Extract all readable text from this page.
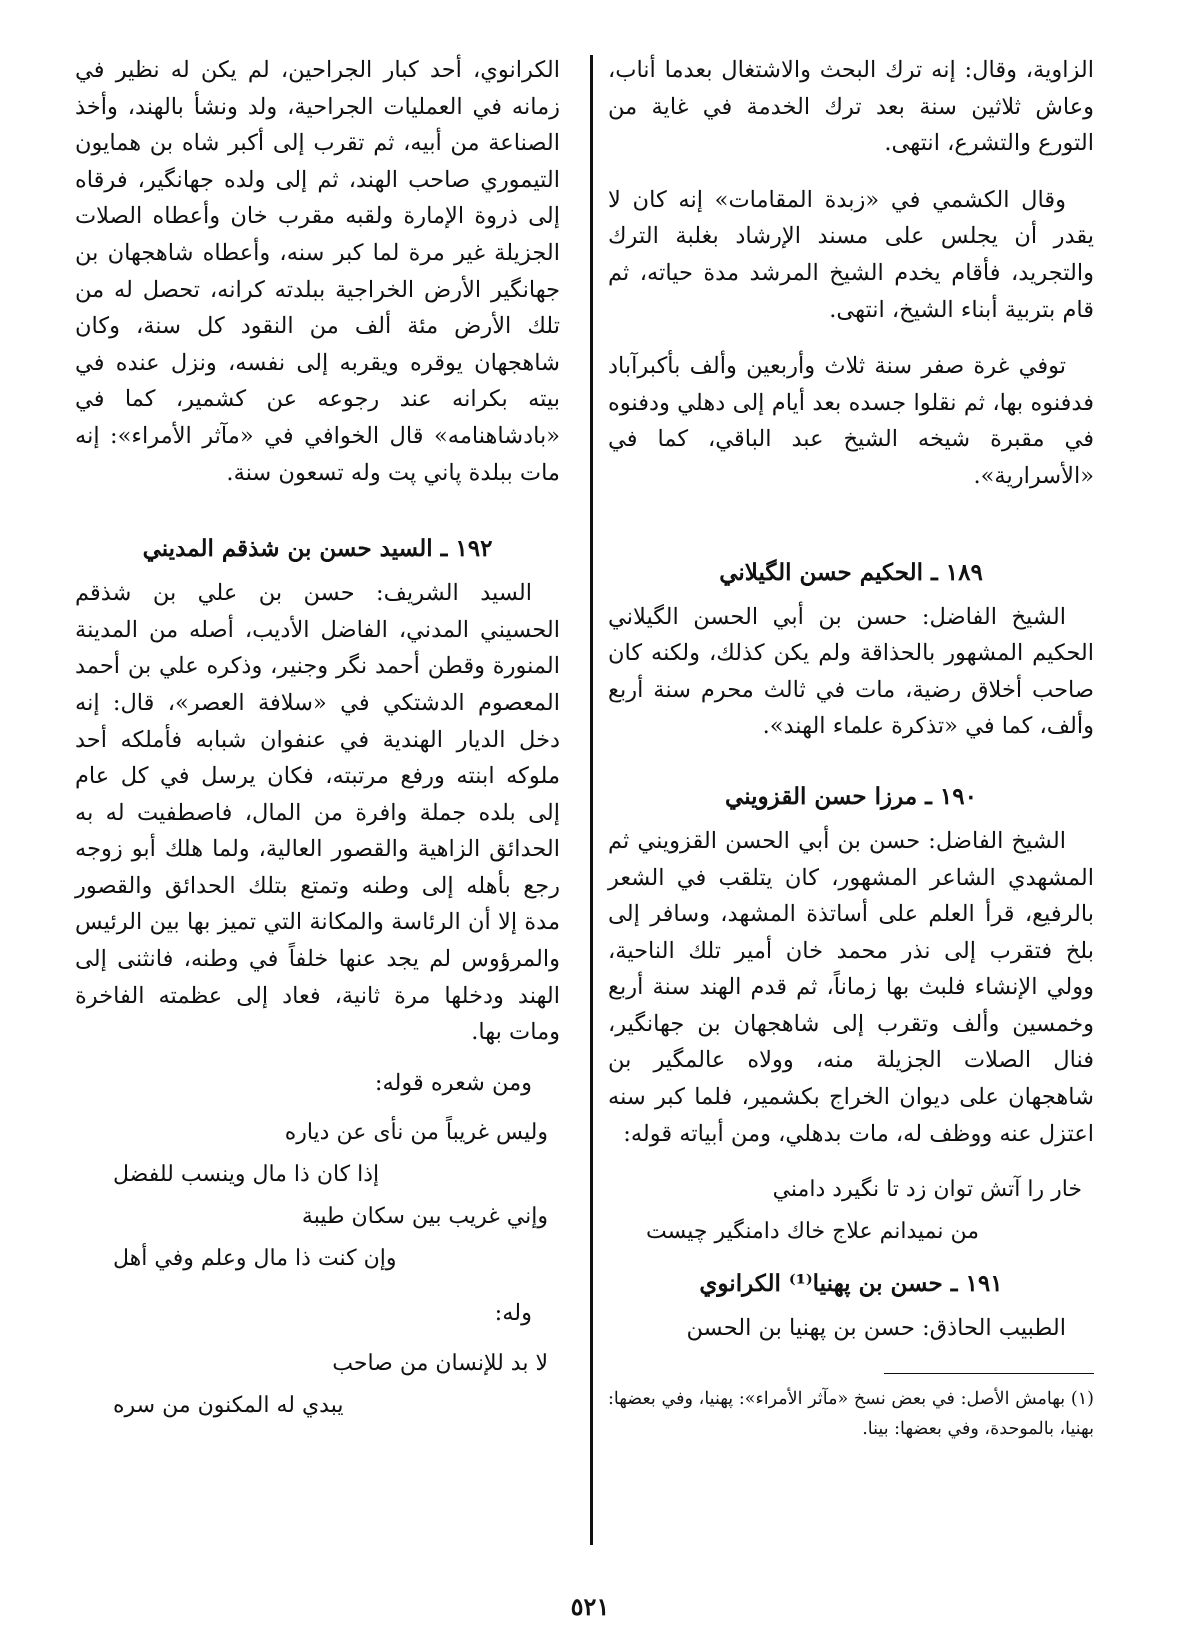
الزاوية، وقال: إنه ترك البحث والاشتغال بعدما أناب، وعاش ثلاثين سنة بعد ترك الخدمة في غاية من التورع والتشرع، انتهى.

وقال الكشمي في «زبدة المقامات» إنه كان لا يقدر أن يجلس على مسند الإرشاد بغلبة الترك والتجريد، فأقام يخدم الشيخ المرشد مدة حياته، ثم قام بتربية أبناء الشيخ، انتهى.

توفي غرة صفر سنة ثلاث وأربعين وألف بأكبرآباد فدفنوه بها، ثم نقلوا جسده بعد أيام إلى دهلي ودفنوه في مقبرة شيخه الشيخ عبد الباقي، كما في «الأسرارية».

١٨٩ ـ الحكيم حسن الگيلاني

الشيخ الفاضل: حسن بن أبي الحسن الگيلاني الحكيم المشهور بالحذاقة ولم يكن كذلك، ولكنه كان صاحب أخلاق رضية، مات في ثالث محرم سنة أربع وألف، كما في «تذكرة علماء الهند».

١٩٠ ـ مرزا حسن القزويني

الشيخ الفاضل: حسن بن أبي الحسن القزويني ثم المشهدي الشاعر المشهور، كان يتلقب في الشعر بالرفيع، قرأ العلم على أساتذة المشهد، وسافر إلى بلخ فتقرب إلى نذر محمد خان أمير تلك الناحية، وولي الإنشاء فلبث بها زماناً، ثم قدم الهند سنة أربع وخمسين وألف وتقرب إلى شاهجهان بن جهانگير، فنال الصلات الجزيلة منه، وولاه عالمگير بن شاهجهان على ديوان الخراج بكشمير، فلما كبر سنه اعتزل عنه ووظف له، مات بدهلي، ومن أبياته قوله:

خار را آتش توان زد تا نگيرد دامني
من نميدانم علاج خاك دامنگير چيست
١٩١ ـ حسن بن پهنيا⁽¹⁾ الكرانوي

الطبيب الحاذق: حسن بن پهنيا بن الحسن

(١) بهامش الأصل: في بعض نسخ «مآثر الأمراء»: پهنيا، وفي بعضها: بهنيا، بالموحدة، وفي بعضها: بينا.

الكرانوي، أحد كبار الجراحين، لم يكن له نظير في زمانه في العمليات الجراحية، ولد ونشأ بالهند، وأخذ الصناعة من أبيه، ثم تقرب إلى أكبر شاه بن همايون التيموري صاحب الهند، ثم إلى ولده جهانگير، فرقاه إلى ذروة الإمارة ولقبه مقرب خان وأعطاه الصلات الجزيلة غير مرة لما كبر سنه، وأعطاه شاهجهان بن جهانگير الأرض الخراجية ببلدته كرانه، تحصل له من تلك الأرض مئة ألف من النقود كل سنة، وكان شاهجهان يوقره ويقربه إلى نفسه، ونزل عنده في بيته بكرانه عند رجوعه عن كشمير، كما في «بادشاهنامه» قال الخوافي في «مآثر الأمراء»: إنه مات ببلدة پاني پت وله تسعون سنة.

١٩٢ ـ السيد حسن بن شذقم المديني

السيد الشريف: حسن بن علي بن شذقم الحسيني المدني، الفاضل الأديب، أصله من المدينة المنورة وقطن أحمد نگر وجنير، وذكره علي بن أحمد المعصوم الدشتكي في «سلافة العصر»، قال: إنه دخل الديار الهندية في عنفوان شبابه فأملكه أحد ملوكه ابنته ورفع مرتبته، فكان يرسل في كل عام إلى بلده جملة وافرة من المال، فاصطفيت له به الحدائق الزاهية والقصور العالية، ولما هلك أبو زوجه رجع بأهله إلى وطنه وتمتع بتلك الحدائق والقصور مدة إلا أن الرئاسة والمكانة التي تميز بها بين الرئيس والمرؤوس لم يجد عنها خلفاً في وطنه، فانثنى إلى الهند ودخلها مرة ثانية، فعاد إلى عظمته الفاخرة ومات بها.

ومن شعره قوله:

وليس غريباً من نأى عن دياره
إذا كان ذا مال وينسب للفضل
وإني غريب بين سكان طيبة
وإن كنت ذا مال وعلم وفي أهل

وله:

لا بد للإنسان من صاحب
يبدي له المكنون من سره
٥٢١
